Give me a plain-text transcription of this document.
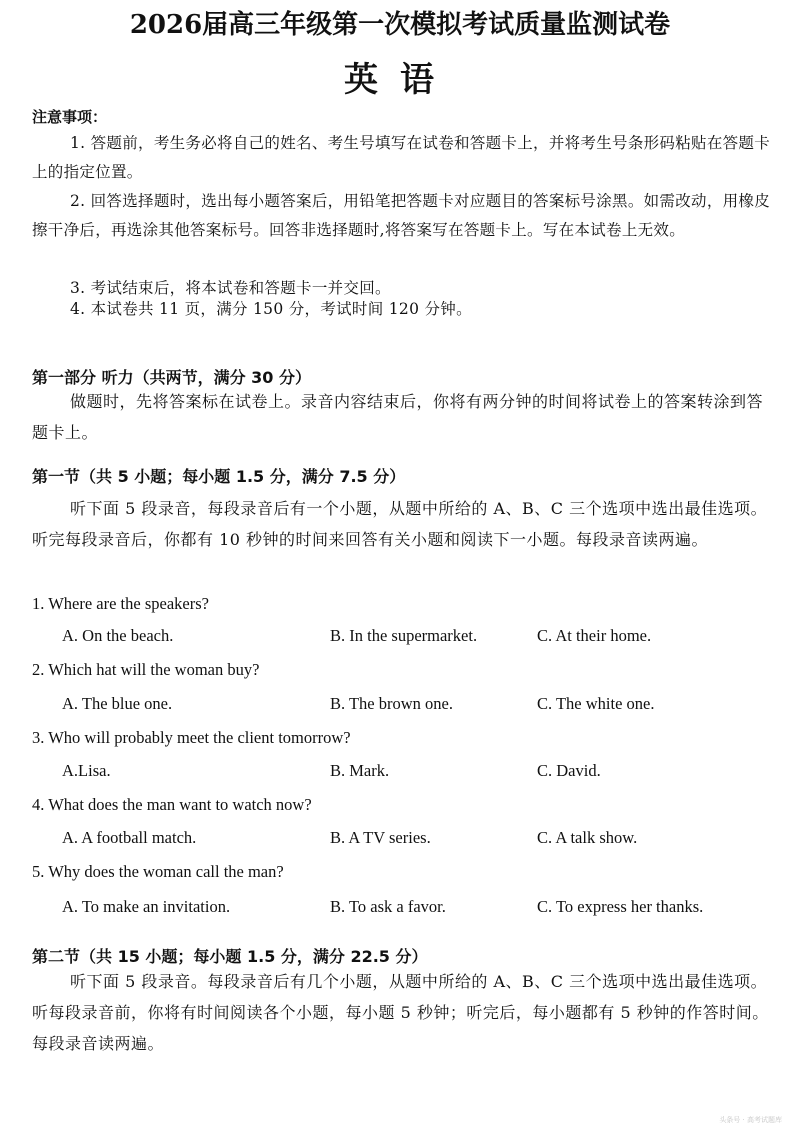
2026届高三年级第一次模拟考试质量监测试卷
英语
注意事项：
1. 答题前，考生务必将自己的姓名、考生号填写在试卷和答题卡上，并将考生号条形码粘贴在答题卡上的指定位置。
2. 回答选择题时，选出每小题答案后，用铅笔把答题卡对应题目的答案标号涂黑。如需改动，用橡皮擦干净后，再选涂其他答案标号。回答非选择题时,将答案写在答题卡上。写在本试卷上无效。
3. 考试结束后，将本试卷和答题卡一并交回。
4. 本试卷共 11 页，满分 150 分，考试时间 120 分钟。
第一部分 听力（共两节，满分 30 分）
做题时，先将答案标在试卷上。录音内容结束后，你将有两分钟的时间将试卷上的答案转涂到答题卡上。
第一节（共 5 小题；每小题 1.5 分，满分 7.5 分）
听下面 5 段录音，每段录音后有一个小题，从题中所给的 A、B、C 三个选项中选出最佳选项。听完每段录音后，你都有 10 秒钟的时间来回答有关小题和阅读下一小题。每段录音读两遍。
1. Where are the speakers?
A. On the beach.	B. In the supermarket.	C. At their home.
2. Which hat will the woman buy?
A. The blue one.	B. The brown one.	C. The white one.
3. Who will probably meet the client tomorrow?
A.Lisa.	B. Mark.	C. David.
4. What does the man want to watch now?
A. A football match.	B. A TV series.	C. A talk show.
5. Why does the woman call the man?
A. To make an invitation.	B. To ask a favor.	C. To express her thanks.
第二节（共 15 小题；每小题 1.5 分，满分 22.5 分）
听下面 5 段录音。每段录音后有几个小题，从题中所给的 A、B、C 三个选项中选出最佳选项。听每段录音前，你将有时间阅读各个小题，每小题 5 秒钟；听完后，每小题都有 5 秒钟的作答时间。每段录音读两遍。
头条号 · 高考试题库
